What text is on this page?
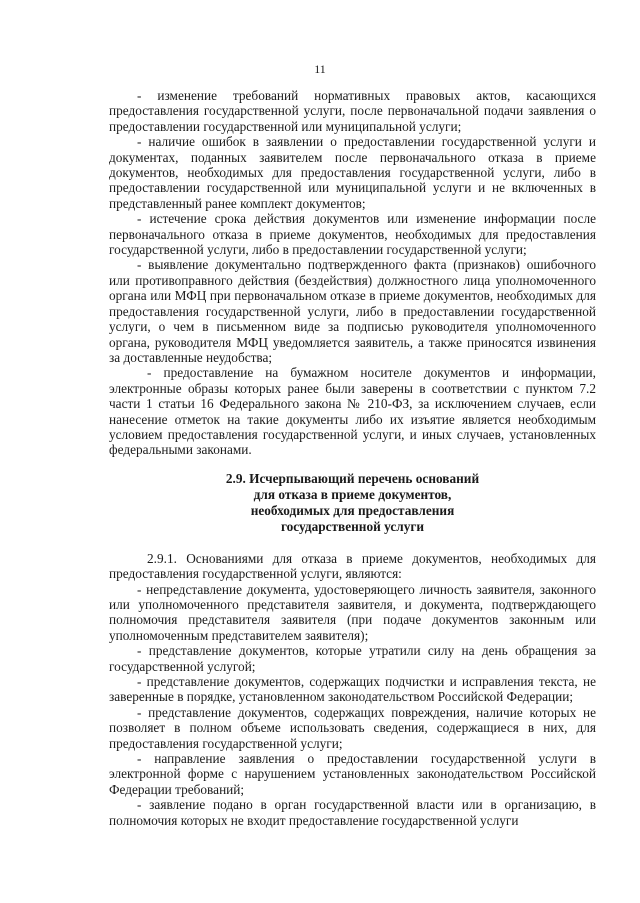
11

- изменение требований нормативных правовых актов, касающихся предоставления государственной услуги, после первоначальной подачи заявления о предоставлении государственной или муниципальной услуги;

- наличие ошибок в заявлении о предоставлении государственной услуги и документах, поданных заявителем после первоначального отказа в приеме документов, необходимых для предоставления государственной услуги, либо в предоставлении государственной или муниципальной услуги и не включенных в представленный ранее комплект документов;

- истечение срока действия документов или изменение информации после первоначального отказа в приеме документов, необходимых для предоставления государственной услуги, либо в предоставлении государственной услуги;

- выявление документально подтвержденного факта (признаков) ошибочного или противоправного действия (бездействия) должностного лица уполномоченного органа или МФЦ при первоначальном отказе в приеме документов, необходимых для предоставления государственной услуги, либо в предоставлении государственной услуги, о чем в письменном виде за подписью руководителя уполномоченного органа, руководителя МФЦ уведомляется заявитель, а также приносятся извинения за доставленные неудобства;

- предоставление на бумажном носителе документов и информации, электронные образы которых ранее были заверены в соответствии с пунктом 7.2 части 1 статьи 16 Федерального закона № 210-ФЗ, за исключением случаев, если нанесение отметок на такие документы либо их изъятие является необходимым условием предоставления государственной услуги, и иных случаев, установленных федеральными законами.

2.9. Исчерпывающий перечень оснований
для отказа в приеме документов,
необходимых для предоставления
государственной услуги

2.9.1. Основаниями для отказа в приеме документов, необходимых для предоставления государственной услуги, являются:

- непредставление документа, удостоверяющего личность заявителя, законного или уполномоченного представителя заявителя, и документа, подтверждающего полномочия представителя заявителя (при подаче документов законным или уполномоченным представителем заявителя);

- представление документов, которые утратили силу на день обращения за государственной услугой;

- представление документов, содержащих подчистки и исправления текста, не заверенные в порядке, установленном законодательством Российской Федерации;

- представление документов, содержащих повреждения, наличие которых не позволяет в полном объеме использовать сведения, содержащиеся в них, для предоставления государственной услуги;

- направление заявления о предоставлении государственной услуги в электронной форме с нарушением установленных законодательством Российской Федерации требований;

- заявление подано в орган государственной власти или в организацию, в полномочия которых не входит предоставление государственной услуги
